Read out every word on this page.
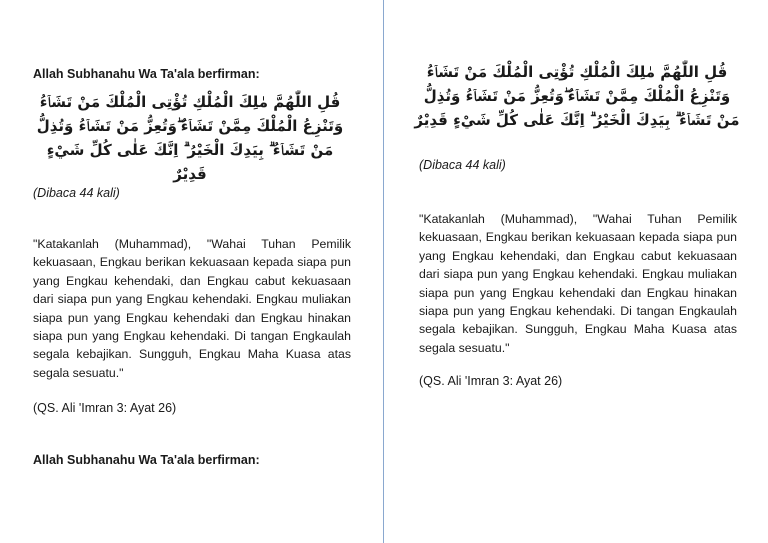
Allah Subhanahu Wa Ta'ala berfirman:
قُلِ اللّٰهُمَّ مٰلِكَ الْمُلْكِ تُؤْتِى الْمُلْكَ مَنْ تَشَاۤءُ وَتَنْزِعُ الْمُلْكَ مِمَّنْ تَشَاۤءُ ۖوَتُعِزُّ مَنْ تَشَاۤءُ وَتُذِلُّ مَنْ تَشَاۤءُ ۗ بِيَدِكَ الْخَيْرُ ۗ اِنَّكَ عَلٰى كُلِّ شَيْءٍ قَدِيْرٌ
(Dibaca 44 kali)

"Katakanlah (Muhammad), "Wahai Tuhan Pemilik kekuasaan, Engkau berikan kekuasaan kepada siapa pun yang Engkau kehendaki, dan Engkau cabut kekuasaan dari siapa pun yang Engkau kehendaki. Engkau muliakan siapa pun yang Engkau kehendaki dan Engkau hinakan siapa pun yang Engkau kehendaki. Di tangan Engkaulah segala kebajikan. Sungguh, Engkau Maha Kuasa atas segala sesuatu."

(QS. Ali 'Imran 3: Ayat 26)
Allah Subhanahu Wa Ta'ala berfirman:
قُلِ اللّٰهُمَّ مٰلِكَ الْمُلْكِ تُؤْتِى الْمُلْكَ مَنْ تَشَاۤءُ وَتَنْزِعُ الْمُلْكَ مِمَّنْ تَشَاۤءُ ۖوَتُعِزُّ مَنْ تَشَاۤءُ وَتُذِلُّ مَنْ تَشَاۤءُ ۗ بِيَدِكَ الْخَيْرُ ۗ اِنَّكَ عَلٰى كُلِّ شَيْءٍ قَدِيْرٌ
(Dibaca 44 kali)

"Katakanlah (Muhammad), "Wahai Tuhan Pemilik kekuasaan, Engkau berikan kekuasaan kepada siapa pun yang Engkau kehendaki, dan Engkau cabut kekuasaan dari siapa pun yang Engkau kehendaki. Engkau muliakan siapa pun yang Engkau kehendaki dan Engkau hinakan siapa pun yang Engkau kehendaki. Di tangan Engkaulah segala kebajikan. Sungguh, Engkau Maha Kuasa atas segala sesuatu."

(QS. Ali 'Imran 3: Ayat 26)
